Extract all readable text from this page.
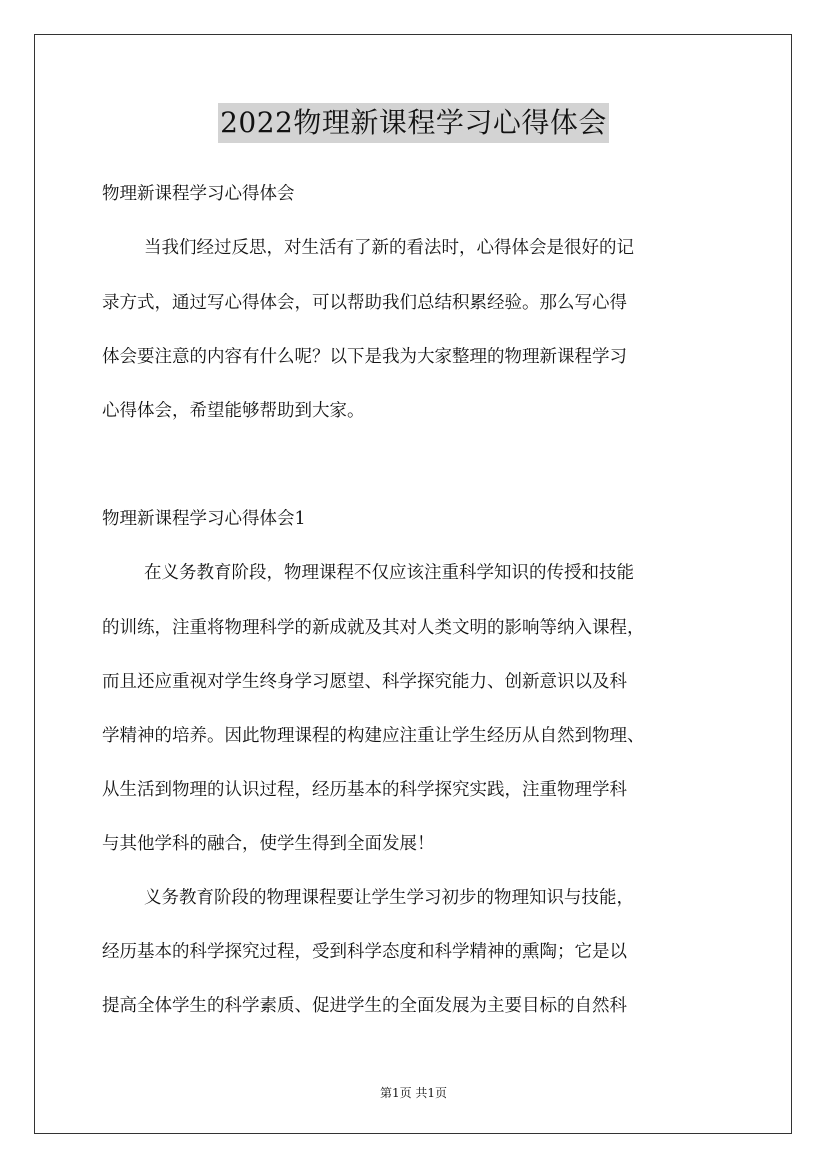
2022物理新课程学习心得体会
物理新课程学习心得体会
当我们经过反思，对生活有了新的看法时，心得体会是很好的记
录方式，通过写心得体会，可以帮助我们总结积累经验。那么写心得
体会要注意的内容有什么呢？以下是我为大家整理的物理新课程学习
心得体会，希望能够帮助到大家。
物理新课程学习心得体会1
在义务教育阶段，物理课程不仅应该注重科学知识的传授和技能
的训练，注重将物理科学的新成就及其对人类文明的影响等纳入课程，
而且还应重视对学生终身学习愿望、科学探究能力、创新意识以及科
学精神的培养。因此物理课程的构建应注重让学生经历从自然到物理、
从生活到物理的认识过程，经历基本的科学探究实践，注重物理学科
与其他学科的融合，使学生得到全面发展！
义务教育阶段的物理课程要让学生学习初步的物理知识与技能，
经历基本的科学探究过程，受到科学态度和科学精神的熏陶；它是以
提高全体学生的科学素质、促进学生的全面发展为主要目标的自然科
第1页 共1页
